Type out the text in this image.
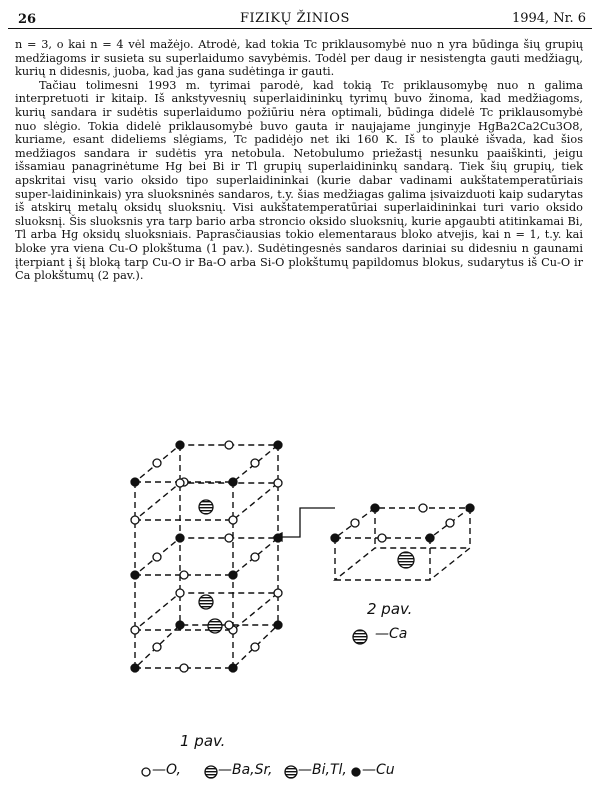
26	FIZIKŲ ŽINIOS	1994, Nr. 6

n = 3, o kai n = 4 vėl mažėjo. Atrodė, kad tokia Tc priklausomybė nuo n yra būdinga šių grupių medžiagoms ir susieta su superlaidumo savybėmis. Todėl per daug ir nesistengta gauti medžiagų, kurių n didesnis, juoba, kad jas gana sudėtinga ir gauti.

Tačiau tolimesni 1993 m. tyrimai parodė, kad tokią Tc priklausomybę nuo n galima interpretuoti ir kitaip. Iš ankstyvesnių superlaidininkų tyrimų buvo žinoma, kad medžiagoms, kurių sandara ir sudėtis superlaidumo požiūriu nėra optimali, būdinga didelė Tc priklausomybė nuo slėgio. Tokia didelė priklausomybė buvo gauta ir naujajame junginyje HgBa2Ca2Cu3O8, kuriame, esant dideliems slėgiams, Tc padidėjo net iki 160 K. Iš to plaukė išvada, kad šios medžiagos sandara ir sudėtis yra netobula. Netobulumo priežastį nesunku paaiškinti, jeigu išsamiau panagrinėtume Hg bei Bi ir Tl grupių superlaidininkų sandarą. Tiek šių grupių, tiek apskritai visų vario oksido tipo superlaidininkai (kurie dabar vadinami aukštatemperatūriais super-laidininkais) yra sluoksninės sandaros, t.y. šias medžiagas galima įsivaizduoti kaip sudarytas iš atskirų metalų oksidų sluoksnių. Visi aukštatemperatūriai superlaidininkai turi vario oksido sluoksnį. Šis sluoksnis yra tarp bario arba stroncio oksido sluoksnių, kurie apgaubti atitinkamai Bi, Tl arba Hg oksidų sluoksniais. Paprasčiausias tokio elementaraus bloko atvejis, kai n = 1, t.y. kai bloke yra viena Cu-O plokštuma (1 pav.). Sudėtingesnės sandaros dariniai su didesniu n gaunami įterpiant į šį bloką tarp Cu-O ir Ba-O arba Si-O plokštumų papildomus blokus, sudarytus iš Cu-O ir Ca plokštumų (2 pav.).

2 pav.
—Ca
1 pav.
—O,	—Ba,Sr, —Bi,Tl, —Cu
